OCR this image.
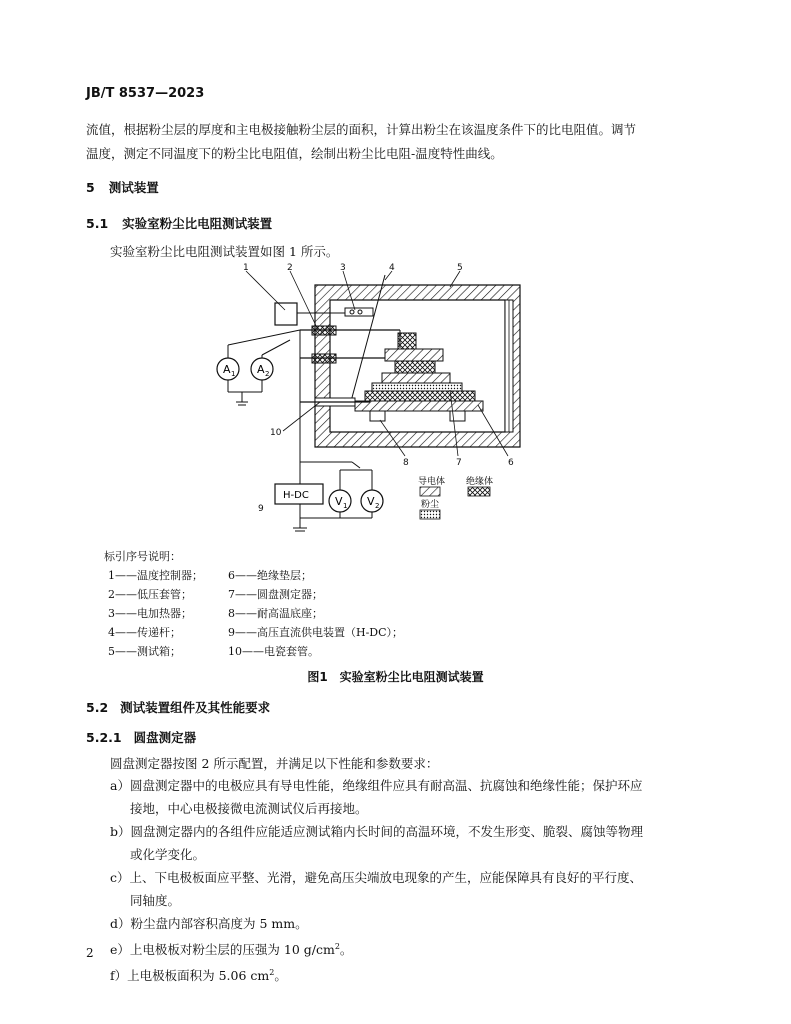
JB/T 8537—2023
流值，根据粉尘层的厚度和主电极接触粉尘层的面积，计算出粉尘在该温度条件下的比电阻值。调节
温度，测定不同温度下的粉尘比电阻值，绘制出粉尘比电阻-温度特性曲线。
5 测试装置
5.1 实验室粉尘比电阻测试装置
实验室粉尘比电阻测试装置如图 1 所示。
A 1 A 2
H-DC V 1 V 2
1	2	3	4	5
6
7
8
9
10
导电体 绝缘体
粉尘
标引序号说明：
1——温度控制器；
2——低压套管；
3——电加热器；
4——传递杆；
5——测试箱；
6——绝缘垫层；
7——圆盘测定器；
8——耐高温底座；
9——高压直流供电装置（H-DC）；
10——电瓷套管。
图1　实验室粉尘比电阻测试装置
5.2 测试装置组件及其性能要求
5.2.1 圆盘测定器
圆盘测定器按图 2 所示配置，并满足以下性能和参数要求：
a）圆盘测定器中的电极应具有导电性能，绝缘组件应具有耐高温、抗腐蚀和绝缘性能；保护环应
接地，中心电极接微电流测试仪后再接地。
b）圆盘测定器内的各组件应能适应测试箱内长时间的高温环境，不发生形变、脆裂、腐蚀等物理
或化学变化。
c）上、下电极板面应平整、光滑，避免高压尖端放电现象的产生，应能保障具有良好的平行度、
同轴度。
d）粉尘盘内部容积高度为 5 mm。
e）上电极板对粉尘层的压强为 10 $g/cm^2$。
f）上电极板面积为 5.06 $cm^2$。
2
